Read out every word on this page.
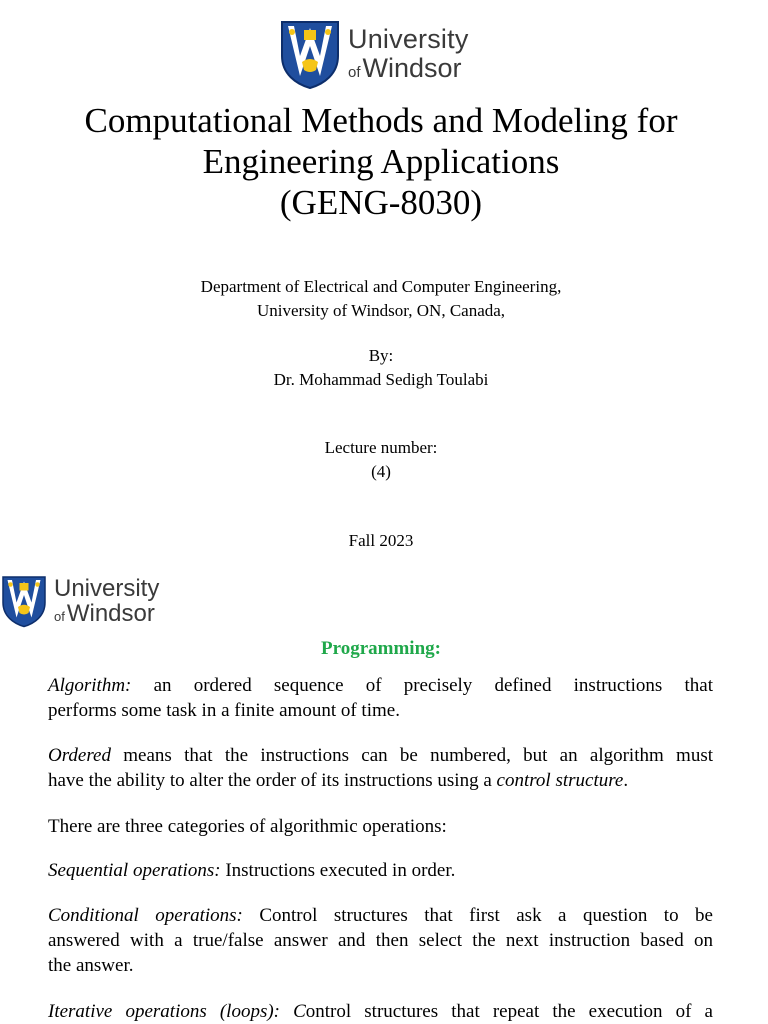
University
ofWindsor
Computational Methods and Modeling for
Engineering Applications
(GENG-8030)
Department of Electrical and Computer Engineering,
University of Windsor, ON, Canada,
By:
Dr. Mohammad Sedigh Toulabi
Lecture number:
(4)
Fall 2023
University
ofWindsor
Programming:
Algorithm: an ordered sequence of precisely defined instructions that
performs some task in a finite amount of time.
Ordered means that the instructions can be numbered, but an algorithm must
have the ability to alter the order of its instructions using a control structure.
There are three categories of algorithmic operations:
Sequential operations: Instructions executed in order.
Conditional operations: Control structures that first ask a question to be
answered with a true/false answer and then select the next instruction based on
the answer.
Iterative operations (loops): Control structures that repeat the execution of a
